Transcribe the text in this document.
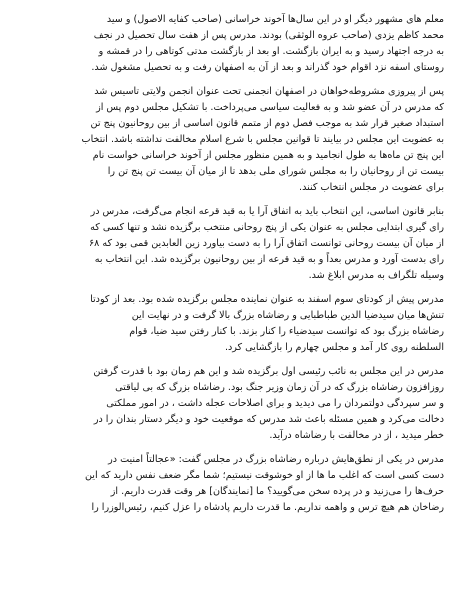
معلم های مشهور دیگر او در این سال‌ها آخوند خراسانی (صاحب کفایه الاصول) و سید
محمد کاظم یزدی (صاحب عروه الوثقی) بودند. مدرس پس از هفت سال تحصیل در نجف
به درجه اجتهاد رسید و به ایران بازگشت. او بعد از بازگشت مدتی کوتاهی را در قمشه و
روستای اسفه نزد اقوام خود گذراند و بعد از آن به اصفهان رفت و به تحصیل مشغول شد.
پس از پیروزی مشروطه‌خواهان در اصفهان انجمنی تحت عنوان انجمن ولایتی تاسیس شد
که مدرس در آن عضو شد و به فعالیت سیاسی می‌پرداخت. با تشکیل مجلس دوم پس از
استبداد صغیر قرار شد به موجب فصل دوم از متمم قانون اساسی از بین روحانیون پنج تن
به عضویت این مجلس در بیایند تا قوانین مجلس با شرع اسلام مخالفت نداشته باشد. انتخاب
این پنج تن ماه‌ها به طول انجامید و به همین منظور مجلس از آخوند خراسانی خواست نام
بیست تن از روحانیان را به مجلس شورای ملی بدهد تا از میان آن بیست تن پنج تن را
برای عضویت در مجلس انتخاب کنند.
بنابر قانون اساسی، این انتخاب باید به اتفاق آرا یا به قید قرعه انجام می‌گرفت، مدرس در
رای گیری ابتدایی مجلس به عنوان یکی از پنج روحانی منتخب برگزیده نشد و تنها کسی که
از میان آن بیست روحانی توانست اتفاق آرا را به دست بیاورد زین العابدین قمی بود که ۶۸
رای بدست آورد و مدرس بعداً و به قید قرعه از بین روحانیون برگزیده شد. این انتخاب به
وسیله تلگراف به مدرس ابلاغ شد.
مدرس پیش از کودتای سوم اسفند به عنوان نماینده مجلس برگزیده شده بود. بعد از کودتا
تنش‌ها میان سیدضیا الدین طباطبایی و رضاشاه بزرگ بالا گرفت و در نهایت این
رضاشاه بزرگ بود که توانست سیدضیاء را کنار بزند. با کنار رفتن سید ضیا، قوام
السلطنه روی کار آمد و مجلس چهارم را بازگشایی کرد.
مدرس در این مجلس به نائب رئیسی اول برگزیده شد و این هم زمان بود با قدرت گرفتن
روزافزون رضاشاه بزرگ که در آن زمان وزیر جنگ بود. رضاشاه بزرگ که بی لیاقتی
و سر سپردگی دولتمردان را می دیدید و برای اصلاحات عجله داشت ، در امور مملکتی
دخالت می‌کرد و همین مسئله باعث شد مدرس که موقعیت خود و دیگر دستار بندان را در
خطر میدید ، از در مخالفت با رضاشاه درآید.
مدرس در یکی از نطق‌هایش درباره رضاشاه بزرگ در مجلس گفت: «عجالتاً امنیت در
دست کسی است که اغلب ما ها از او خوشوقت نیستیم؛ شما مگر ضعف نفس دارید که این
حرف‌ها را می‌زنید و در پرده سخن می‌گویید؟ ما [نمایندگان] هر وقت قدرت داریم. از
رضاخان هم هیچ ترس و واهمه نداریم. ما قدرت داریم پادشاه را عزل کنیم، رئیس‌الوزرا را
